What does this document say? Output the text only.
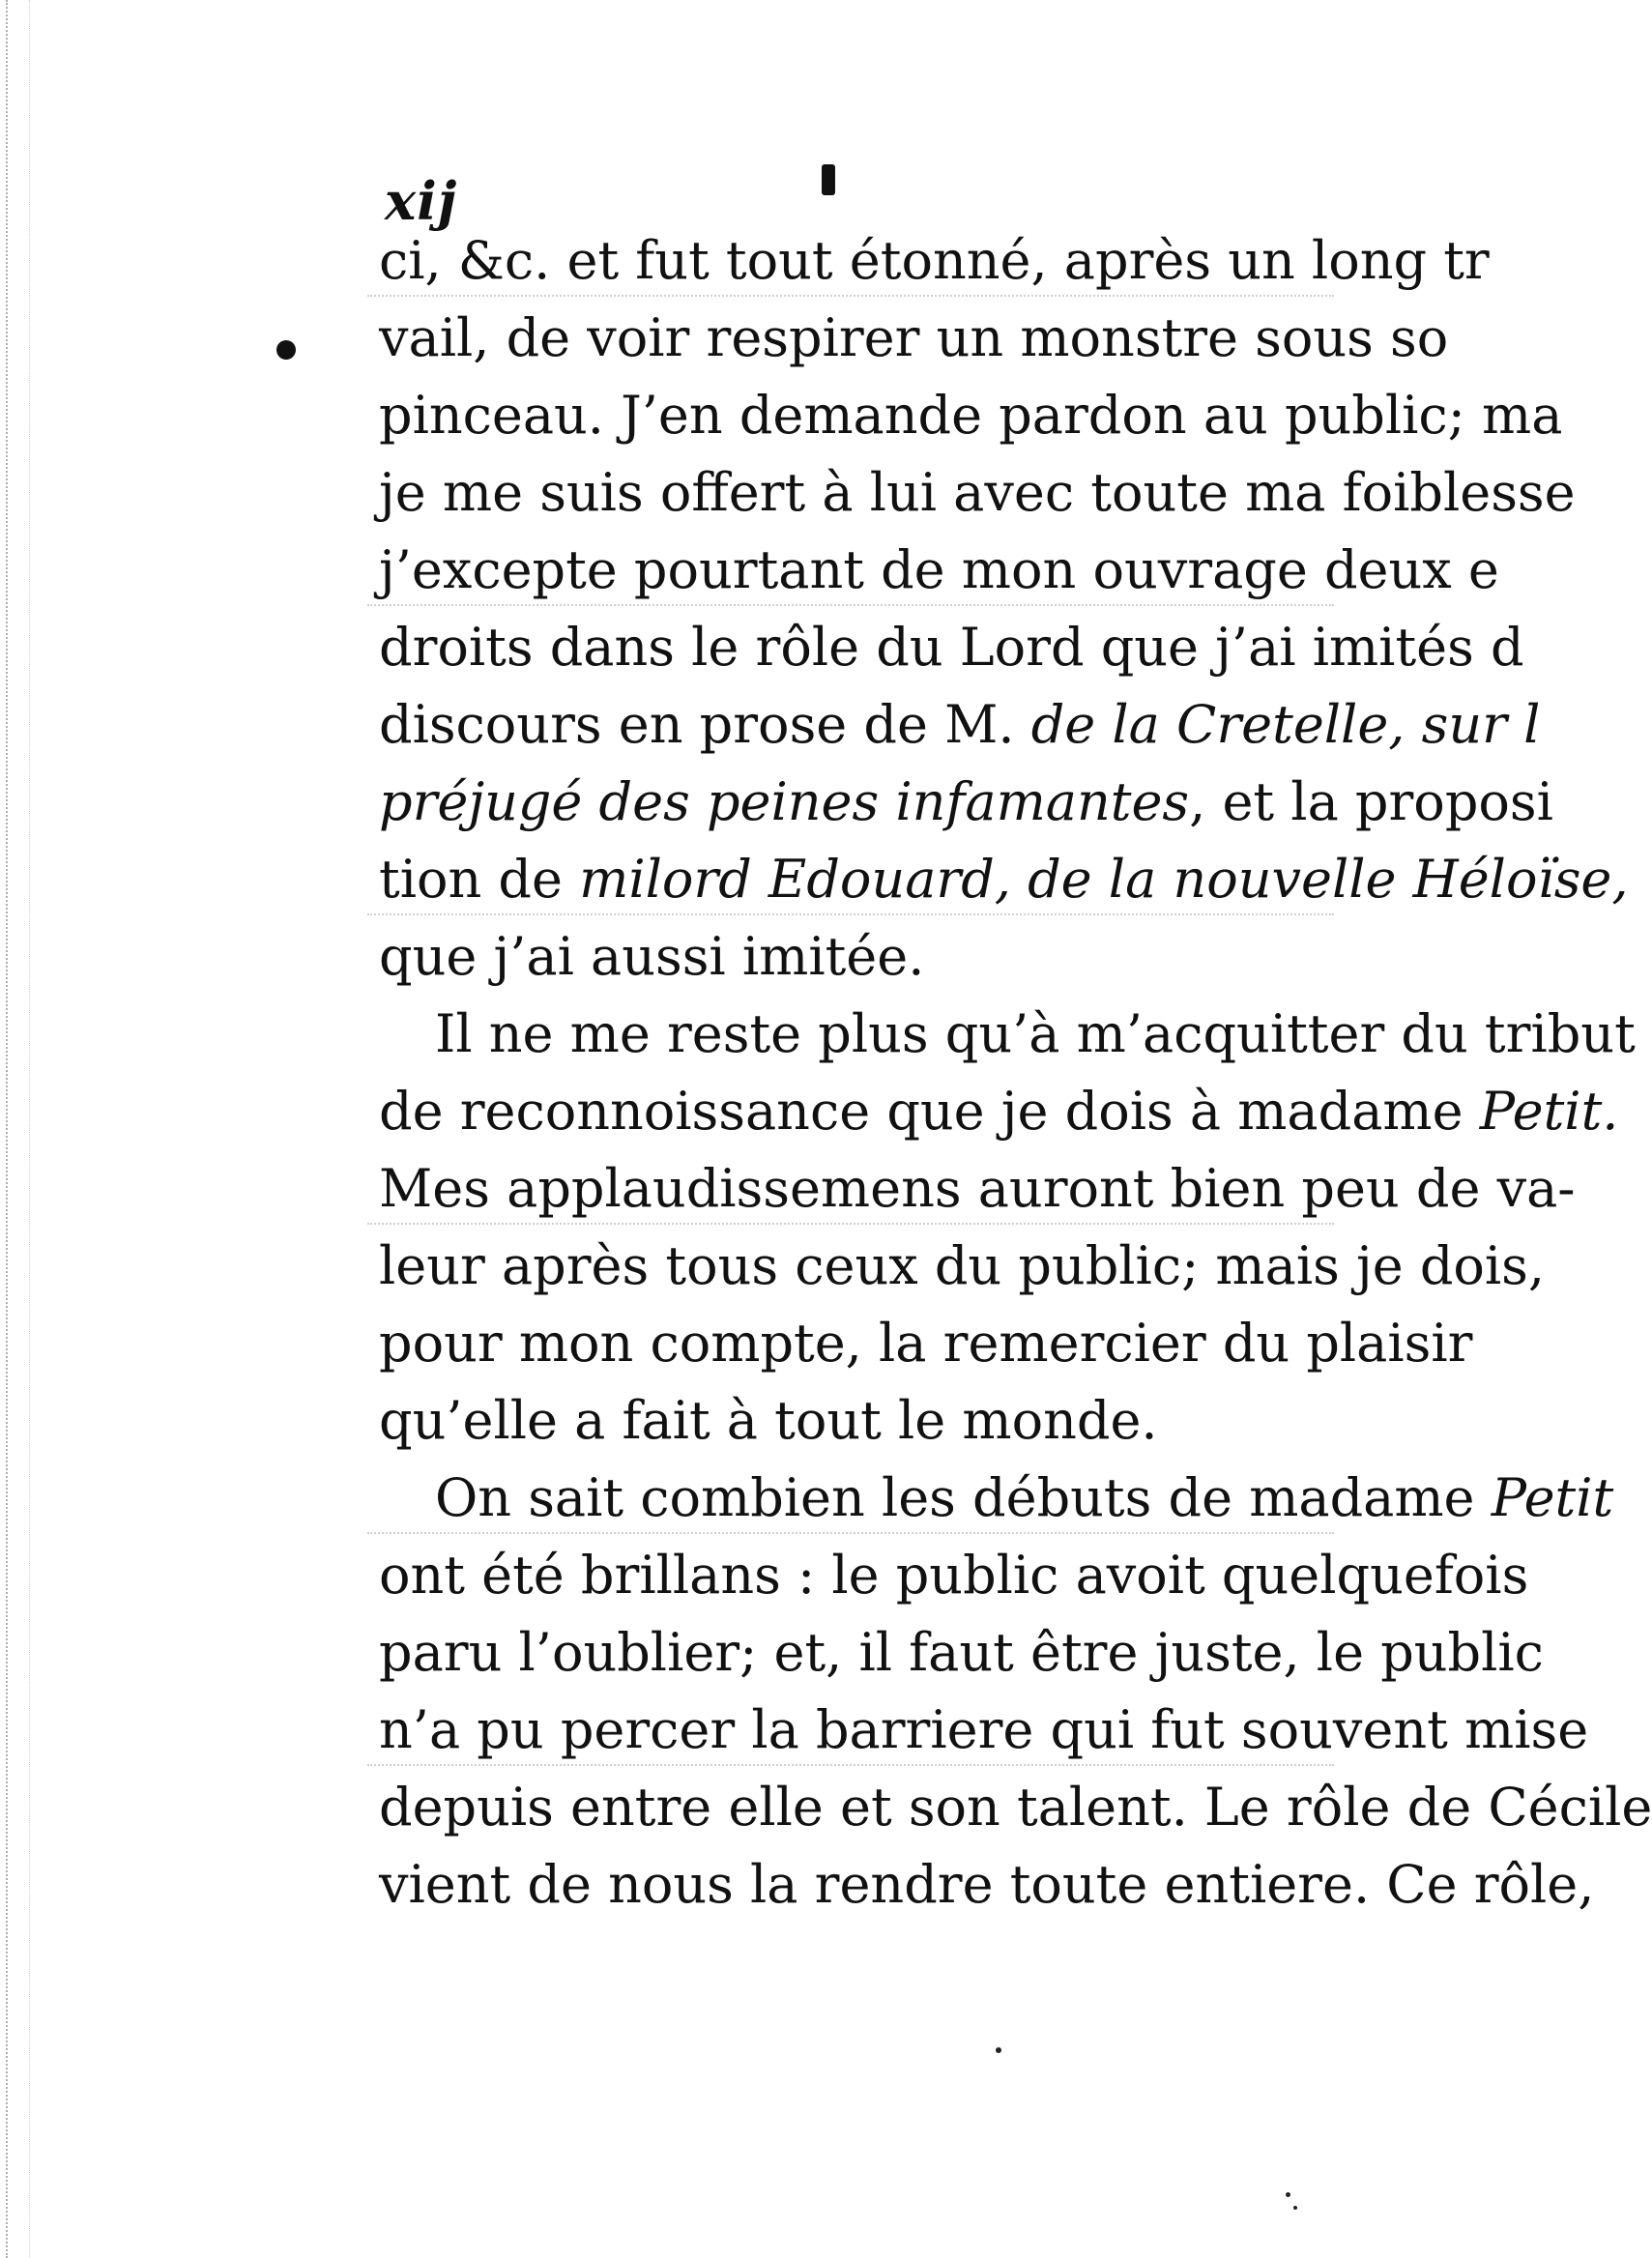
xij
ci, &c. et fut tout étonné, après un long tr
vail, de voir respirer un monstre sous so
pinceau. J’en demande pardon au public; ma
je me suis offert à lui avec toute ma foiblesse
j’excepte pourtant de mon ouvrage deux e
droits dans le rôle du Lord que j’ai imités d
discours en prose de M. de la Cretelle, sur l
préjugé des peines infamantes, et la proposi
tion de milord Edouard, de la nouvelle Héloïse,
que j’ai aussi imitée.
Il ne me reste plus qu’à m’acquitter du tribut
de reconnoissance que je dois à madame Petit.
Mes applaudissemens auront bien peu de va-
leur après tous ceux du public; mais je dois,
pour mon compte, la remercier du plaisir
qu’elle a fait à tout le monde.
On sait combien les débuts de madame Petit
ont été brillans : le public avoit quelquefois
paru l’oublier; et, il faut être juste, le public
n’a pu percer la barriere qui fut souvent mise
depuis entre elle et son talent. Le rôle de Cécile
vient de nous la rendre toute entiere. Ce rôle,
